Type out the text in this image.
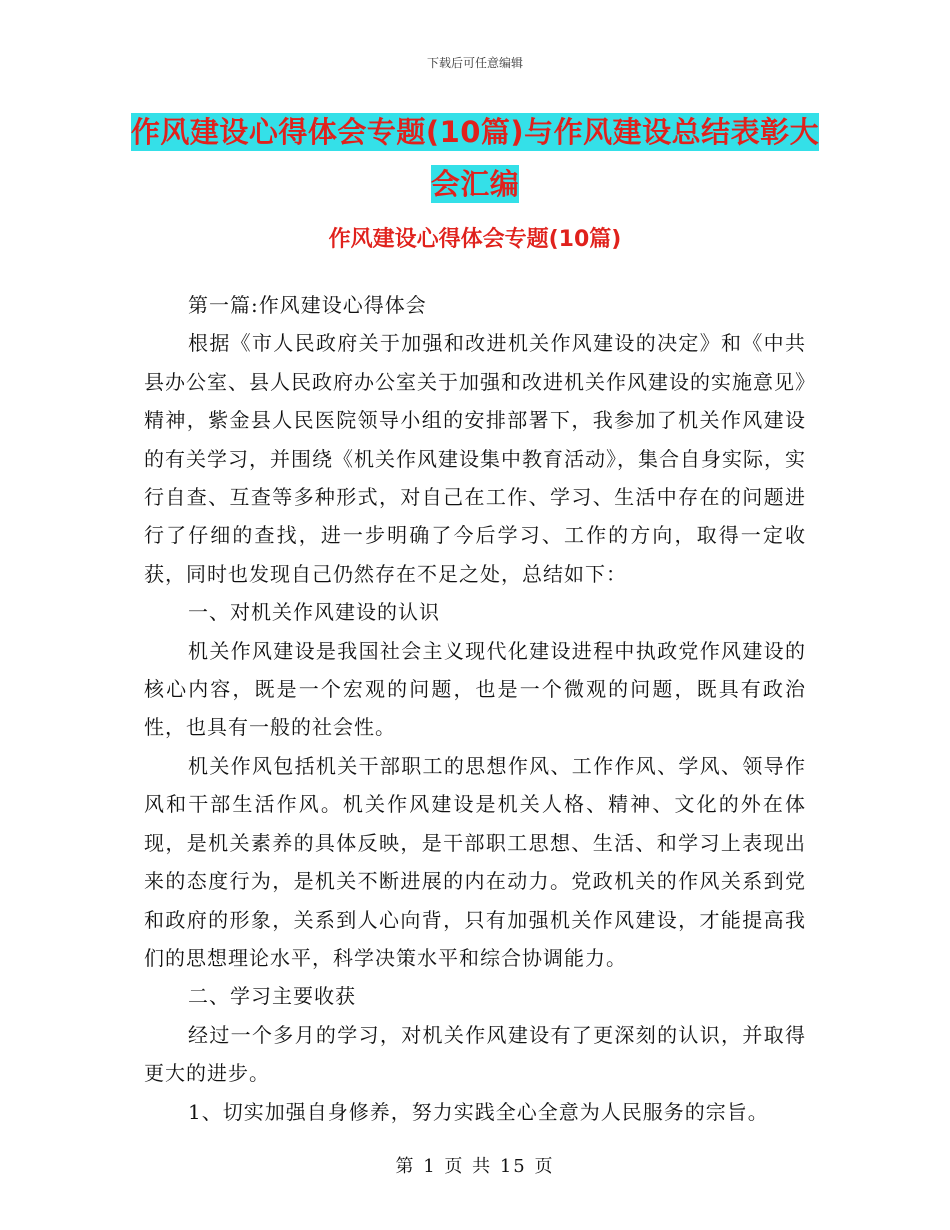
下载后可任意编辑
作风建设心得体会专题(10篇)与作风建设总结表彰大
会汇编
作风建设心得体会专题(10篇)

第一篇:作风建设心得体会

根据《市人民政府关于加强和改进机关作风建设的决定》和《中共县办公室、县人民政府办公室关于加强和改进机关作风建设的实施意见》精神，紫金县人民医院领导小组的安排部署下，我参加了机关作风建设的有关学习，并围绕《机关作风建设集中教育活动》，集合自身实际，实行自查、互查等多种形式，对自己在工作、学习、生活中存在的问题进行了仔细的查找，进一步明确了今后学习、工作的方向，取得一定收获，同时也发现自己仍然存在不足之处，总结如下：

一、对机关作风建设的认识

机关作风建设是我国社会主义现代化建设进程中执政党作风建设的核心内容，既是一个宏观的问题，也是一个微观的问题，既具有政治性，也具有一般的社会性。

机关作风包括机关干部职工的思想作风、工作作风、学风、领导作风和干部生活作风。机关作风建设是机关人格、精神、文化的外在体现，是机关素养的具体反映，是干部职工思想、生活、和学习上表现出来的态度行为，是机关不断进展的内在动力。党政机关的作风关系到党和政府的形象，关系到人心向背，只有加强机关作风建设，才能提高我们的思想理论水平，科学决策水平和综合协调能力。

二、学习主要收获

经过一个多月的学习，对机关作风建设有了更深刻的认识，并取得更大的进步。

1、切实加强自身修养，努力实践全心全意为人民服务的宗旨。

第 1 页 共 15 页
